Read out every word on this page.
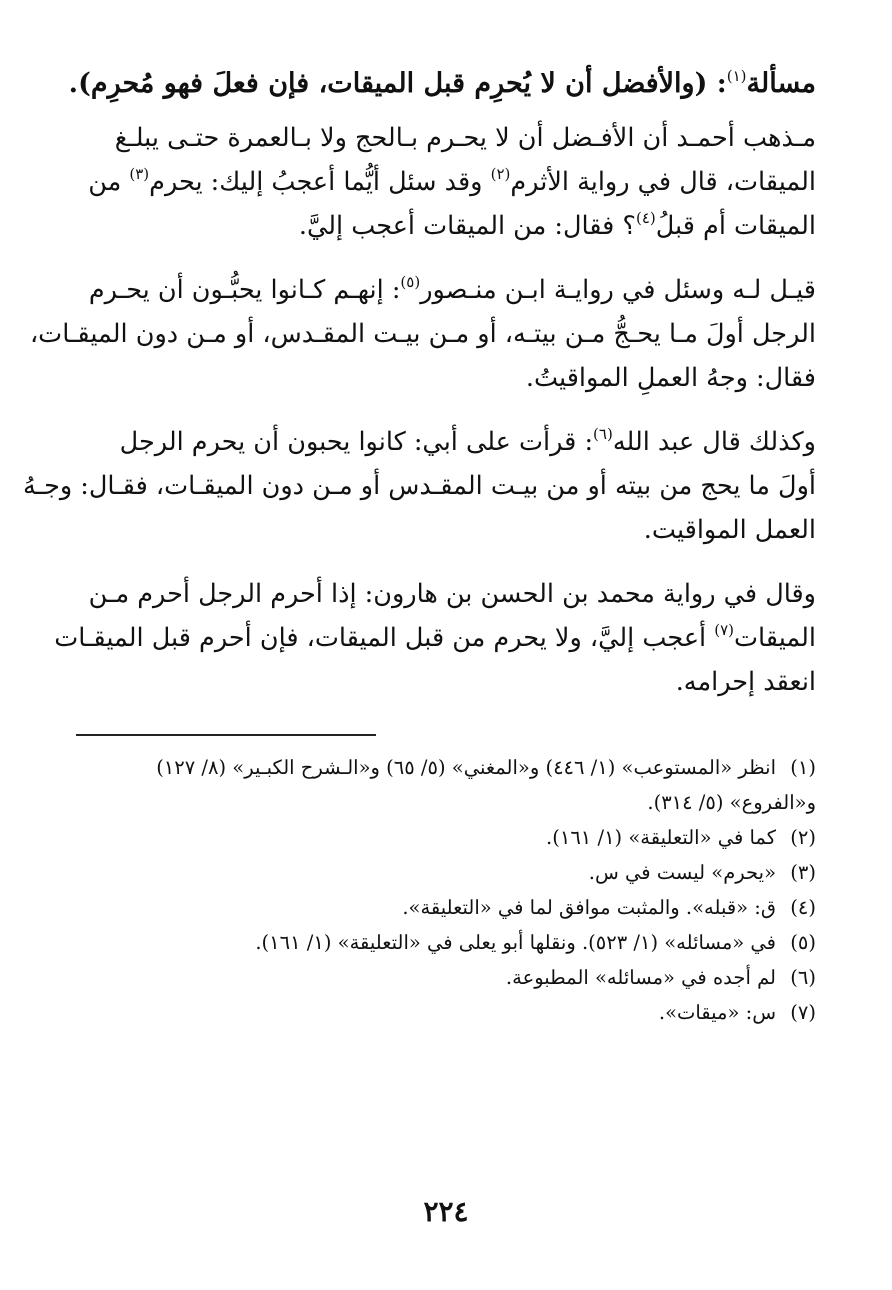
مسألة$^{(١)}$: (والأفضل أن لا يُحرِم قبل الميقات، فإن فعلَ فهو مُحرِم).
مـذهب أحمـد أن الأفـضل أن لا يحـرم بـالحج ولا بـالعمرة حتـى يبلـغ
الميقات، قال في رواية الأثرم$^{(٢)}$ وقد سئل أيُّما أعجبُ إليك: يحرم$^{(٣)}$ من
الميقات أم قبلُ$^{(٤)}$؟ فقال: من الميقات أعجب إليَّ.
قيـل لـه وسئل في روايـة ابـن منـصور$^{(٥)}$: إنهـم كـانوا يحبُّـون أن يحـرم
الرجل أولَ مـا يحـجُّ مـن بيتـه، أو مـن بيـت المقـدس، أو مـن دون الميقـات،
فقال: وجهُ العملِ المواقيتُ.
وكذلك قال عبد الله$^{(٦)}$: قرأت على أبي: كانوا يحبون أن يحرم الرجل
أولَ ما يحج من بيته أو من بيـت المقـدس أو مـن دون الميقـات، فقـال: وجـهُ
العمل المواقيت.
وقال في رواية محمد بن الحسن بن هارون: إذا أحرم الرجل أحرم مـن
الميقات$^{(٧)}$ أعجب إليَّ، ولا يحرم من قبل الميقات، فإن أحرم قبل الميقـات
انعقد إحرامه.
(١)
انظر «المستوعب» (١/ ٤٤٦) و«المغني» (٥/ ٦٥) و«الـشرح الكبـير» (٨/ ١٢٧)
و«الفروع» (٥/ ٣١٤).
(٢)
كما في «التعليقة» (١/ ١٦١).
(٣)
«يحرم» ليست في س.
(٤)
ق: «قبله». والمثبت موافق لما في «التعليقة».
(٥)
في «مسائله» (١/ ٥٢٣). ونقلها أبو يعلى في «التعليقة» (١/ ١٦١).
(٦)
لم أجده في «مسائله» المطبوعة.
(٧)
س: «ميقات».
٢٢٤
